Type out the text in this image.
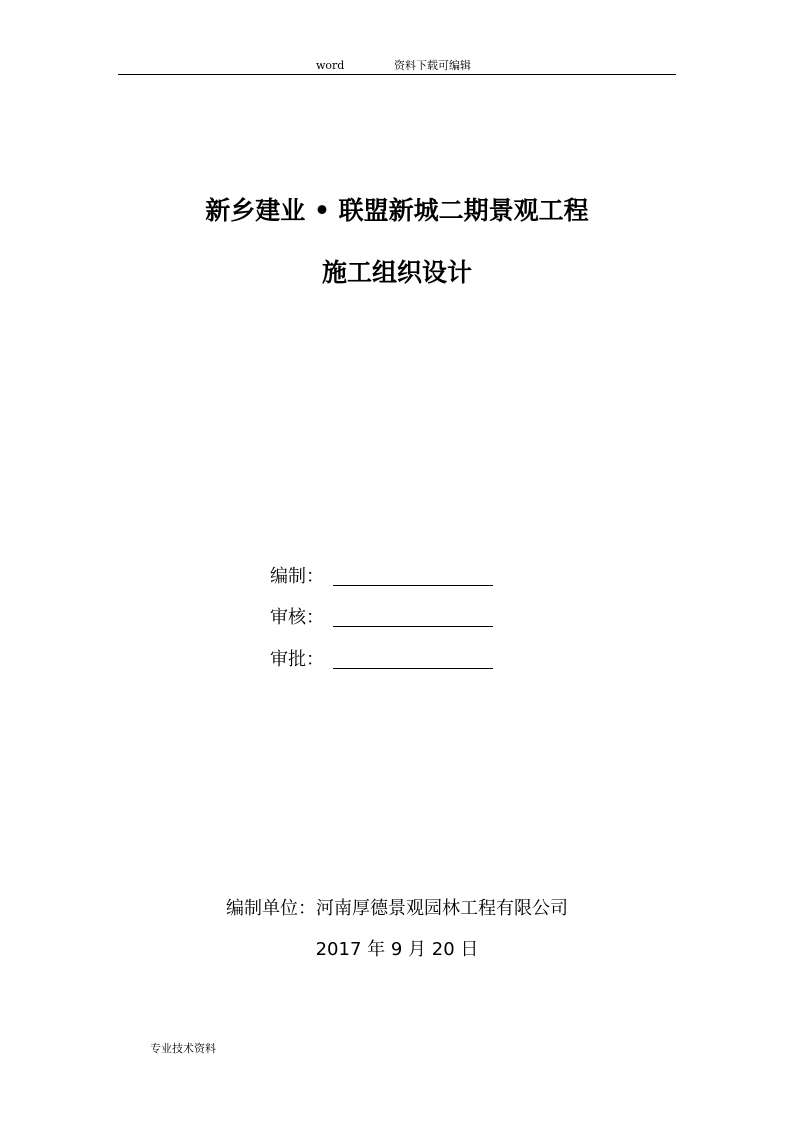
word	资料下载可编辑
新乡建业 • 联盟新城二期景观工程
施工组织设计
编制：
审核：
审批：
编制单位：河南厚德景观园林工程有限公司
2017 年 9 月 20 日
专业技术资料
